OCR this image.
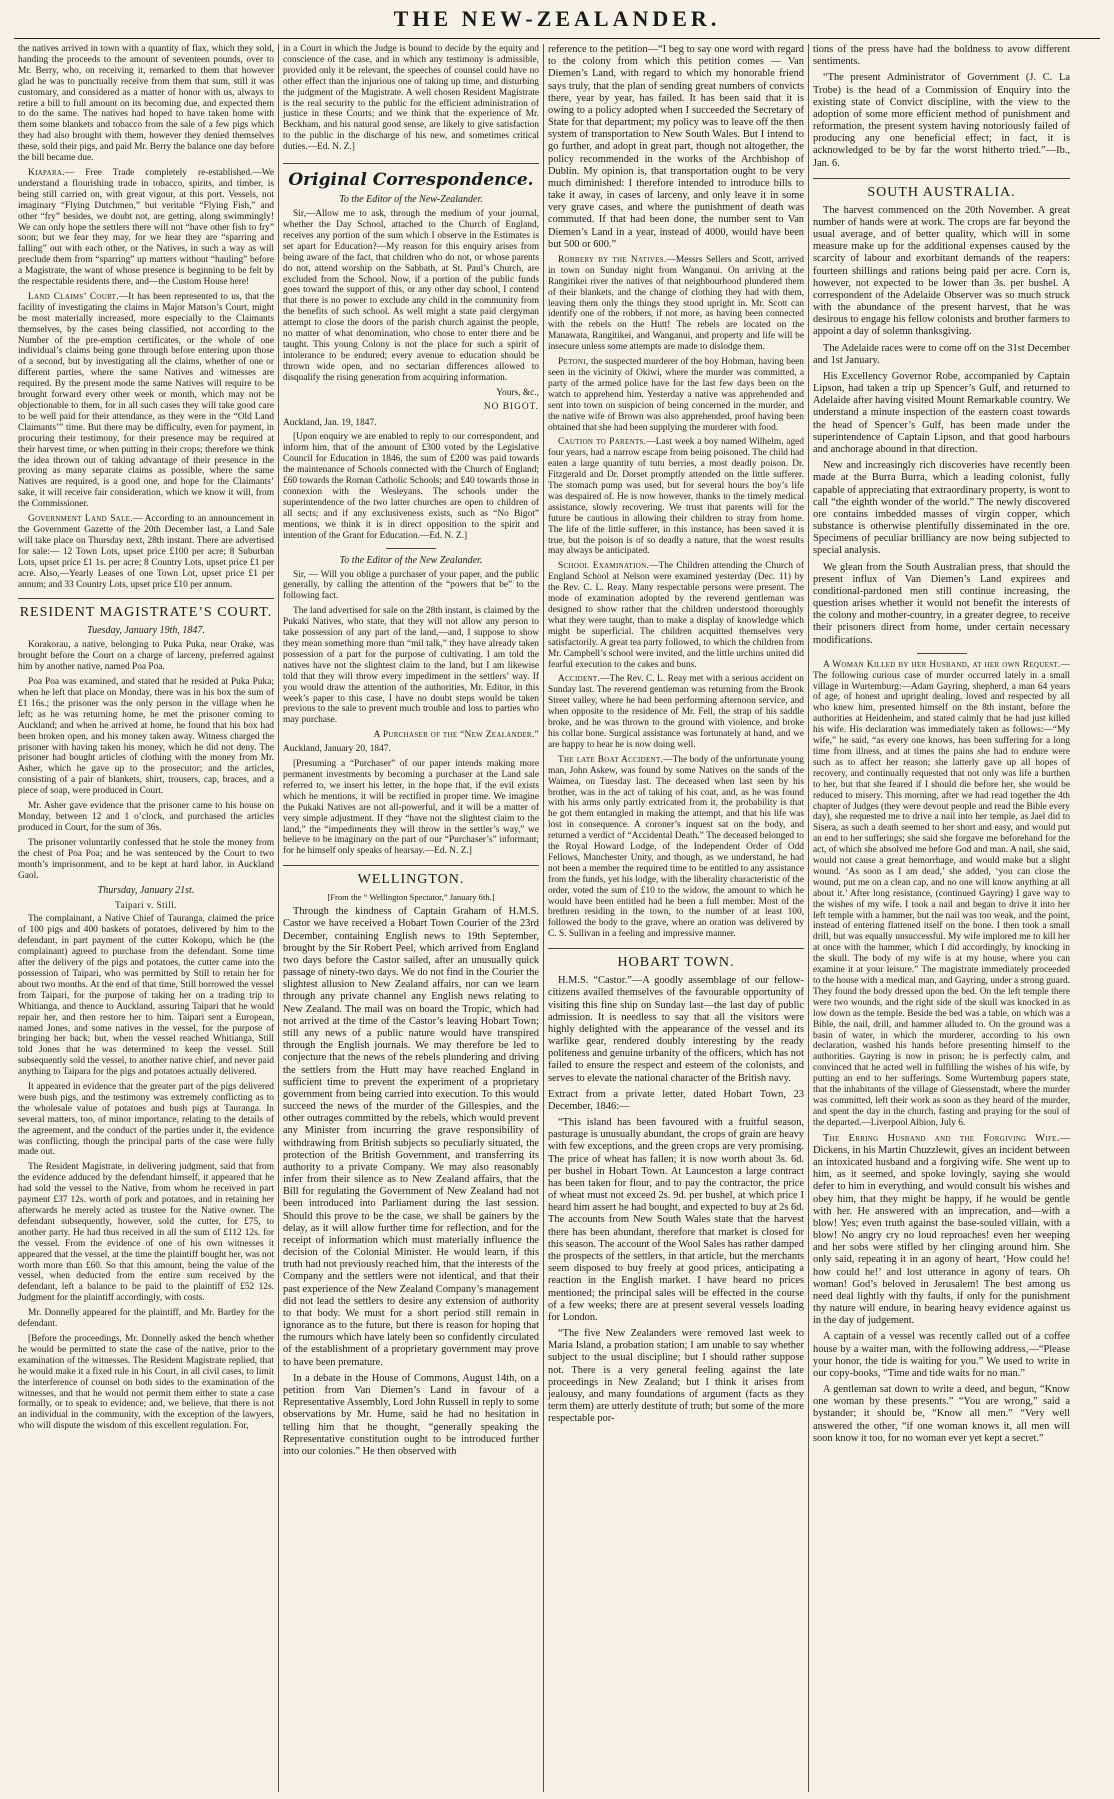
THE NEW-ZEALANDER.

the natives arrived in town with a quantity of flax, which they sold, handing the proceeds to the amount of seventeen pounds, over to Mr. Berry, who, on receiving it, remarked to them that however glad he was to punctually receive from them that sum, still it was customary, and considered as a matter of honor with us, always to retire a bill to full amount on its becoming due, and expected them to do the same. The natives had hoped to have taken home with them some blankets and tobacco from the sale of a few pigs which they had also brought with them, however they denied themselves these, sold their pigs, and paid Mr. Berry the balance one day before the bill became due.

Kiapara.— Free Trade completely re-established.—We understand a flourishing trade in tobacco, spirits, and timber, is being still carried on, with great vigour, at this port. Vessels, not imaginary “Flying Dutchmen,” but veritable “Flying Fish,” and other “fry” besides, we doubt not, are getting, along swimmingly! We can only hope the settlers there will not “have other fish to fry” soon; but we fear they may, for we hear they are “sparring and falling” out with each other, or the Natives, in such a way as will preclude them from “sparring” up matters without “hauling” before a Magistrate, the want of whose presence is beginning to be felt by the respectable residents there, and—the Custom House here!

Land Claims’ Court.—It has been represented to us, that the facility of investigating the claims in Major Matson’s Court, might be most materially increased, more especially to the Claimants themselves, by the cases being classified, not according to the Number of the pre-emption certificates, or the whole of one individual’s claims being gone through before entering upon those of a second, but by investigating all the claims, whether of one or different parties, where the same Natives and witnesses are required. By the present mode the same Natives will require to be brought forward every other week or month, which may not be objectionable to them, for in all such cases they will take good care to be well paid for their attendance, as they were in the “Old Land Claimants’” time. But there may be difficulty, even for payment, in procuring their testimony, for their presence may be required at their harvest time, or when putting in their crops; therefore we think the idea thrown out of taking advantage of their presence in the proving as many separate claims as possible, where the same Natives are required, is a good one, and hope for the Claimants’ sake, it will receive fair consideration, which we know it will, from the Commissioner.

Government Land Sale.— According to an announcement in the Government Gazette of the 20th December last, a Land Sale will take place on Thursday next, 28th instant. There are advertised for sale:— 12 Town Lots, upset price £100 per acre; 8 Suburban Lots, upset price £1 1s. per acre; 8 Country Lots, upset price £1 per acre. Also,—Yearly Leases of one Town Lot, upset price £1 per annum; and 33 Country Lots, upset price £10 per annum.

RESIDENT MAGISTRATE’S COURT.
Tuesday, January 19th, 1847.

Korakorau, a native, belonging to Puka Puka, near Orake, was brought before the Court on a charge of larceny, preferred against him by another native, named Poa Poa.

Poa Poa was examined, and stated that he resided at Puka Puka; when he left that place on Monday, there was in his box the sum of £1 16s.; the prisoner was the only person in the village when he left; as he was returning home, he met the prisoner coming to Auckland; and when he arrived at home, he found that his box had been broken open, and his money taken away. Witness charged the prisoner with having taken his money, which he did not deny. The prisoner had bought articles of clothing with the money from Mr. Asher, which he gave up to the prosecutor; and the articles, consisting of a pair of blankets, shirt, trousers, cap, braces, and a piece of soap, were produced in Court.

Mr. Asher gave evidence that the prisoner came to his house on Monday, between 12 and 1 o’clock, and purchased the articles produced in Court, for the sum of 36s.

The prisoner voluntarily confessed that he stole the money from the chest of Poa Poa; and he was sentenced by the Court to two month’s imprisonment, and to be kept at hard labor, in Auckland Gaol.

Thursday, January 21st.
Taipari v. Still.

The complainant, a Native Chief of Tauranga, claimed the price of 100 pigs and 400 baskets of potatoes, delivered by him to the defendant, in part payment of the cutter Kokopu, which he (the complainant) agreed to purchase from the defendant. Some time after the delivery of the pigs and potatoes, the cutter came into the possession of Taipari, who was permitted by Still to retain her for about two months. At the end of that time, Still borrowed the vessel from Taipari, for the purpose of taking her on a trading trip to Whitianga, and thence to Auckland, assuring Taipari that he would repair her, and then restore her to him. Taipari sent a European, named Jones, and some natives in the vessel, for the purpose of bringing her back; but, when the vessel reached Whitianga, Still told Jones that he was determined to keep the vessel. Still subsequently sold the vessel, to another native chief, and never paid anything to Taipara for the pigs and potatoes actually delivered.

It appeared in evidence that the greater part of the pigs delivered were bush pigs, and the testimony was extremely conflicting as to the wholesale value of potatoes and bush pigs at Tauranga. In several matters, too, of minor importance, relating to the details of the agreement, and the conduct of the parties under it, the evidence was conflicting, though the principal parts of the case were fully made out.

The Resident Magistrate, in delivering judgment, said that from the evidence adduced by the defendant himself, it appeared that he had sold the vessel to the Native, from whom he received in part payment £37 12s. worth of pork and potatoes, and in retaining her afterwards he merely acted as trustee for the Native owner. The defendant subsequently, however, sold the cutter, for £75, to another party. He had thus received in all the sum of £112 12s. for the vessel. From the evidence of one of his own witnesses it appeared that the vessel, at the time the plaintiff bought her, was not worth more than £60. So that this amount, being the value of the vessel, when deducted from the entire sum received by the defendant, left a balance to be paid to the plaintiff of £52 12s. Judgment for the plaintiff accordingly, with costs.

Mr. Donnelly appeared for the plaintiff, and Mr. Bartley for the defendant.

[Before the proceedings, Mr. Donnelly asked the bench whether he would be permitted to state the case of the native, prior to the examination of the witnesses. The Resident Magistrate replied, that he would make it a fixed rule in his Court, in all civil cases, to limit the interference of counsel on both sides to the examination of the witnesses, and that he would not permit them either to state a case formally, or to speak to evidence; and, we believe, that there is not an individual in the community, with the exception of the lawyers, who will dispute the wisdom of this excellent regulation. For,

in a Court in which the Judge is bound to decide by the equity and conscience of the case, and in which any testimony is admissible, provided only it be relevant, the speeches of counsel could have no other effect than the injurious one of taking up time, and disturbing the judgment of the Magistrate. A well chosen Resident Magistrate is the real security to the public for the efficient administration of justice in these Courts; and we think that the experience of Mr. Beckham, and his natural good sense, are likely to give satisfaction to the public in the discharge of his new, and sometimes critical duties.—Ed. N. Z.]

Original Correspondence.
To the Editor of the New-Zealander.

Sir,—Allow me to ask, through the medium of your journal, whether the Day School, attached to the Church of England, receives any portion of the sum which I observe in the Estimates is set apart for Education?—My reason for this enquiry arises from being aware of the fact, that children who do not, or whose parents do not, attend worship on the Sabbath, at St. Paul’s Church, are excluded from the School. Now, if a portion of the public funds goes toward the support of this, or any other day school, I contend that there is no power to exclude any child in the community from the benefits of such school. As well might a state paid clergyman attempt to close the doors of the parish church against the people, no matter of what denomination, who chose to enter there and be taught. This young Colony is not the place for such a spirit of intolerance to be endured; every avenue to education should be thrown wide open, and no sectarian differences allowed to disqualify the rising generation from acquiring information.

Yours, &c.,
NO BIGOT.

Auckland, Jan. 19, 1847.

[Upon enquiry we are enabled to reply to our correspondent, and inform him, that of the amount of £300 voted by the Legislative Council for Education in 1846, the sum of £200 was paid towards the maintenance of Schools connected with the Church of England; £60 towards the Roman Catholic Schools; and £40 towards those in connexion with the Wesleyans. The schools under the superintendence of the two latter churches are open to children of all sects; and if any exclusiveness exists, such as “No Bigot” mentions, we think it is in direct opposition to the spirit and intention of the Grant for Education.—Ed. N. Z.]

To the Editor of the New Zealander.

Sir, — Will you oblige a purchaser of your paper, and the public generally, by calling the attention of the “powers that be” to the following fact.

The land advertised for sale on the 28th instant, is claimed by the Pukaki Natives, who state, that they will not allow any person to take possession of any part of the land,—and, I suppose to show they mean something more than “mil talk,” they have already taken possession of a part for the purpose of cultivating. I am told the natives have not the slightest claim to the land, but I am likewise told that they will throw every impediment in the settlers’ way. If you would draw the attention of the authorities, Mr. Editor, in this week’s paper to this case, I have no doubt steps would be taken previous to the sale to prevent much trouble and loss to parties who may purchase.

A Purchaser of the “New Zealander.”

Auckland, January 20, 1847.

[Presuming a “Purchaser” of our paper intends making more permanent investments by becoming a purchaser at the Land sale referred to, we insert his letter, in the hope that, if the evil exists which he mentions, it will be rectified in proper time. We imagine the Pukaki Natives are not all-powerful, and it will be a matter of very simple adjustment. If they “have not the slightest claim to the land,” the “impediments they will throw in the settler’s way,” we believe to be imaginary on the part of our “Purchaser’s” informant; for he himself only speaks of hearsay.—Ed. N. Z.]

WELLINGTON.
[From the “ Wellington Spectator,” January 6th.]

Through the kindness of Captain Graham of H.M.S. Castor we have received a Hobart Town Courier of the 23rd December, containing English news to 19th September, brought by the Sir Robert Peel, which arrived from England two days before the Castor sailed, after an unusually quick passage of ninety-two days. We do not find in the Courier the slightest allusion to New Zealand affairs, nor can we learn through any private channel any English news relating to New Zealand. The mail was on board the Tropic, which had not arrived at the time of the Castor’s leaving Hobart Town; still any news of a public nature would have transpired through the English journals. We may therefore be led to conjecture that the news of the rebels plundering and driving the settlers from the Hutt may have reached England in sufficient time to prevent the experiment of a proprietary government from being carried into execution. To this would succeed the news of the murder of the Gillespies, and the other outrages committed by the rebels, which would prevent any Minister from incurring the grave responsibility of withdrawing from British subjects so peculiarly situated, the protection of the British Government, and transferring its authority to a private Company. We may also reasonably infer from their silence as to New Zealand affairs, that the Bill for regulating the Government of New Zealand had not been introduced into Parliament during the last session. Should this prove to be the case, we shall be gainers by the delay, as it will allow further time for reflection, and for the receipt of information which must materially influence the decision of the Colonial Minister. He would learn, if this truth had not previously reached him, that the interests of the Company and the settlers were not identical, and that their past experience of the New Zealand Company’s management did not lead the settlers to desire any extension of authority to that body. We must for a short period still remain in ignorance as to the future, but there is reason for hoping that the rumours which have lately been so confidently circulated of the establishment of a proprietary government may prove to have been premature.

In a debate in the House of Commons, August 14th, on a petition from Van Diemen’s Land in favour of a Representative Assembly, Lord John Russell in reply to some observations by Mr. Hume, said he had no hesitation in telling him that he thought, “generally speaking the Representative constitution ought to be introduced further into our colonies.” He then observed with

reference to the petition—“I beg to say one word with regard to the colony from which this petition comes — Van Diemen’s Land, with regard to which my honorable friend says truly, that the plan of sending great numbers of convicts there, year by year, has failed. It has been said that it is owing to a policy adopted when I succeeded the Secretary of State for that department; my policy was to leave off the then system of transportation to New South Wales. But I intend to go further, and adopt in great part, though not altogether, the policy recommended in the works of the Archbishop of Dublin. My opinion is, that transportation ought to be very much diminished: I therefore intended to introduce bills to take it away, in cases of larceny, and only leave it in some very grave cases, and where the punishment of death was commuted. If that had been done, the number sent to Van Diemen’s Land in a year, instead of 4000, would have been but 500 or 600.”

Robbery by the Natives.—Messrs Sellers and Scott, arrived in town on Sunday night from Wanganui. On arriving at the Rangitikei river the natives of that neighbourhood plundered them of their blankets, and the change of clothing they had with them, leaving them only the things they stood upright in. Mr. Scott can identify one of the robbers, if not more, as having been connected with the rebels on the Hutt! The rebels are located on the Manawata, Rangitikei, and Wanganui, and property and life will be insecure unless some attempts are made to dislodge them.

Petoni, the suspected murderer of the boy Hobman, having been seen in the vicinity of Okiwi, where the murder was committed, a party of the armed police have for the last few days been on the watch to apprehend him. Yesterday a native was apprehended and sent into town on suspicion of being concerned in the murder, and the native wife of Brown was also apprehended, proof having been obtained that she had been supplying the murderer with food.

Caution to Parents.—Last week a boy named Wilhelm, aged four years, had a narrow escape from being poisoned. The child had eaten a large quantity of tutu berries, a most deadly poison. Dr. Fitzgerald and Dr. Dorset promptly attended on the little sufferer. The stomach pump was used, but for several hours the boy’s life was despaired of. He is now however, thanks to the timely medical assistance, slowly recovering. We trust that parents will for the future be cautious in allowing their children to stray from home. The life of the little sufferer, in this instance, has been saved it is true, but the poison is of so deadly a nature, that the worst results may always be anticipated.

School Examination.—The Children attending the Church of England School at Nelson were examined yesterday (Dec. 11) by the Rev. C. L. Reay. Many respectable persons were present. The mode of examination adopted by the reverend gentleman was designed to show rather that the children understood thoroughly what they were taught, than to make a display of knowledge which might be superficial. The children acquitted themselves very satisfactorily. A great tea party followed, to which the children from Mr. Campbell’s school were invited, and the little urchins united did fearful execution to the cakes and buns.

Accident.—The Rev. C. L. Reay met with a serious accident on Sunday last. The reverend gentleman was returning from the Brook Street valley, where he had been performing afternoon service, and when opposite to the residence of Mr. Fell, the strap of his saddle broke, and he was thrown to the ground with violence, and broke his collar bone. Surgical assistance was fortunately at hand, and we are happy to hear he is now doing well.

The late Boat Accident.—The body of the unfortunate young man, John Askew, was found by some Natives on the sands of the Waimea, on Tuesday last. The deceased when last seen by his brother, was in the act of taking of his coat, and, as he was found with his arms only partly extricated from it, the probability is that he got them entangled in making the attempt, and that his life was lost in consequence. A coroner’s inquest sat on the body, and returned a verdict of “Accidental Death.” The deceased belonged to the Royal Howard Lodge, of the Independent Order of Odd Fellows, Manchester Unity, and though, as we understand, he had not been a member the required time to be entitled to any assistance from the funds, yet his lodge, with the liberality characteristic of the order, voted the sum of £10 to the widow, the amount to which he would have been entitled had he been a full member. Most of the brethren residing in the town, to the number of at least 100, followed the body to the grave, where an oration was delivered by C. S. Sullivan in a feeling and impressive manner.

HOBART TOWN.

H.M.S. “Castor.”—A goodly assemblage of our fellow-citizens availed themselves of the favourable opportunity of visiting this fine ship on Sunday last—the last day of public admission. It is needless to say that all the visitors were highly delighted with the appearance of the vessel and its warlike gear, rendered doubly interesting by the ready politeness and genuine urbanity of the officers, which has not failed to ensure the respect and esteem of the colonists, and serves to elevate the national character of the British navy.

Extract from a private letter, dated Hobart Town, 23 December, 1846:—

“This island has been favoured with a fruitful season, pasturage is unusually abundant, the crops of grain are heavy with few exceptions, and the green crops are very promising. The price of wheat has fallen; it is now worth about 3s. 6d. per bushel in Hobart Town. At Launceston a large contract has been taken for flour, and to pay the contractor, the price of wheat must not exceed 2s. 9d. per bushel, at which price I heard him assert he had bought, and expected to buy at 2s 6d. The accounts from New South Wales state that the harvest there has been abundant, therefore that market is closed for this season. The account of the Wool Sales has rather damped the prospects of the settlers, in that article, but the merchants seem disposed to buy freely at good prices, anticipating a reaction in the English market. I have heard no prices mentioned; the principal sales will be effected in the course of a few weeks; there are at present several vessels loading for London.

“The five New Zealanders were removed last week to Maria Island, a probation station; I am unable to say whether subject to the usual discipline; but I should rather suppose not. There is a very general feeling against the late proceedings in New Zealand; but I think it arises from jealousy, and many foundations of argument (facts as they term them) are utterly destitute of truth; but some of the more respectable por-

tions of the press have had the boldness to avow different sentiments.

“The present Administrator of Government (J. C. La Trobe) is the head of a Commission of Enquiry into the existing state of Convict discipline, with the view to the adoption of some more efficient method of punishment and reformation, the present system having notoriously failed of producing any one beneficial effect; in fact, it is acknowledged to be by far the worst hitherto tried.”—Ib., Jan. 6.

SOUTH AUSTRALIA.

The harvest commenced on the 20th November. A great number of hands were at work. The crops are far beyond the usual average, and of better quality, which will in some measure make up for the additional expenses caused by the scarcity of labour and exorbitant demands of the reapers: fourteen shillings and rations being paid per acre. Corn is, however, not expected to be lower than 3s. per bushel. A correspondent of the Adelaide Observer was so much struck with the abundance of the present harvest, that he was desirous to engage his fellow colonists and brother farmers to appoint a day of solemn thanksgiving.

The Adelaide races were to come off on the 31st December and 1st January.

His Excellency Governor Robe, accompanied by Captain Lipson, had taken a trip up Spencer’s Gulf, and returned to Adelaide after having visited Mount Remarkable country. We understand a minute inspection of the eastern coast towards the head of Spencer’s Gulf, has been made under the superintendence of Captain Lipson, and that good harbours and anchorage abound in that direction.

New and increasingly rich discoveries have recently been made at the Burra Burra, which a leading colonist, fully capable of appreciating that extraordinary property, is wont to call “the eighth wonder of the world.” The newly discovered ore contains imbedded masses of virgin copper, which substance is otherwise plentifully disseminated in the ore. Specimens of peculiar brilliancy are now being subjected to special analysis.

We glean from the South Australian press, that should the present influx of Van Diemen’s Land expirees and conditional-pardoned men still continue increasing, the question arises whether it would not benefit the interests of the colony and mother-country, in a greater degree, to receive their prisoners direct from home, under certain necessary modifications.

A Woman Killed by her Husband, at her own Request.—The following curious case of murder occurred lately in a small village in Wurtemburg:—Adam Gayring, shepherd, a man 64 years of age, of honest and upright dealing, loved and respected by all who knew him, presented himself on the 8th instant, before the authorities at Heidenheim, and stated calmly that he had just killed his wife. His declaration was immediately taken as follows:—“My wife,” he said, “as every one knows, has been suffering for a long time from illness, and at times the pains she had to endure were such as to affect her reason; she latterly gave up all hopes of recovery, and continually requested that not only was life a burthen to her, but that she feared if I should die before her, she would be reduced to misery. This morning, after we had read together the 4th chapter of Judges (they were devout people and read the Bible every day), she requested me to drive a nail into her temple, as Jael did to Sisera, as such a death seemed to her short and easy, and would put an end to her sufferings; she said she forgave me beforehand for the act, of which she absolved me before God and man. A nail, she said, would not cause a great hemorrhage, and would make but a slight wound. ‘As soon as I am dead,’ she added, ‘you can close the wound, put me on a clean cap, and no one will know anything at all about it.’ After long resistance, (continued Gayring) I gave way to the wishes of my wife. I took a nail and began to drive it into her left temple with a hammer, but the nail was too weak, and the point, instead of entering flattened itself on the bone. I then took a small drill, but was equally unsuccessful. My wife implored me to kill her at once with the hammer, which I did accordingly, by knocking in the skull. The body of my wife is at my house, where you can examine it at your leisure.” The magistrate immediately proceeded to the house with a medical man, and Gayring, under a strong guard. They found the body dressed upon the bed. On the left temple there were two wounds, and the right side of the skull was knocked in as low down as the temple. Beside the bed was a table, on which was a Bible, the nail, drill, and hammer alluded to. On the ground was a basin of water, in which the murderer, according to his own declaration, washed his hands before presenting himself to the authorities. Gayring is now in prison; he is perfectly calm, and convinced that he acted well in fulfilling the wishes of his wife, by putting an end to her sufferings. Some Wurtemburg papers state, that the inhabitants of the village of Giessenstadt, where the murder was committed, left their work as soon as they heard of the murder, and spent the day in the church, fasting and praying for the soul of the departed.—Liverpool Albion, July 6.

The Erring Husband and the Forgiving Wife.—Dickens, in his Martin Chuzzlewit, gives an incident between an intoxicated husband and a forgiving wife. She went up to him, as it seemed, and spoke lovingly, saying she would defer to him in everything, and would consult his wishes and obey him, that they might be happy, if he would be gentle with her. He answered with an imprecation, and—with a blow! Yes; even truth against the base-souled villain, with a blow! No angry cry no loud reproaches! even her weeping and her sobs were stifled by her clinging around him. She only said, repeating it in an agony of heart, ‘How could he! how could he!’ and lost utterance in agony of tears. Oh woman! God’s beloved in Jerusalem! The best among us need deal lightly with thy faults, if only for the punishment thy nature will endure, in bearing heavy evidence against us in the day of judgement.

A captain of a vessel was recently called out of a coffee house by a waiter man, with the following address,—“Please your honor, the tide is waiting for you.” We used to write in our copy-books, “Time and tide waits for no man.”

A gentleman sat down to write a deed, and begun, “Know one woman by these presents.” “You are wrong,” said a bystander; it should be, “Know all men.” “Very well answered the other, “if one woman knows it, all men will soon know it too, for no woman ever yet kept a secret.”
